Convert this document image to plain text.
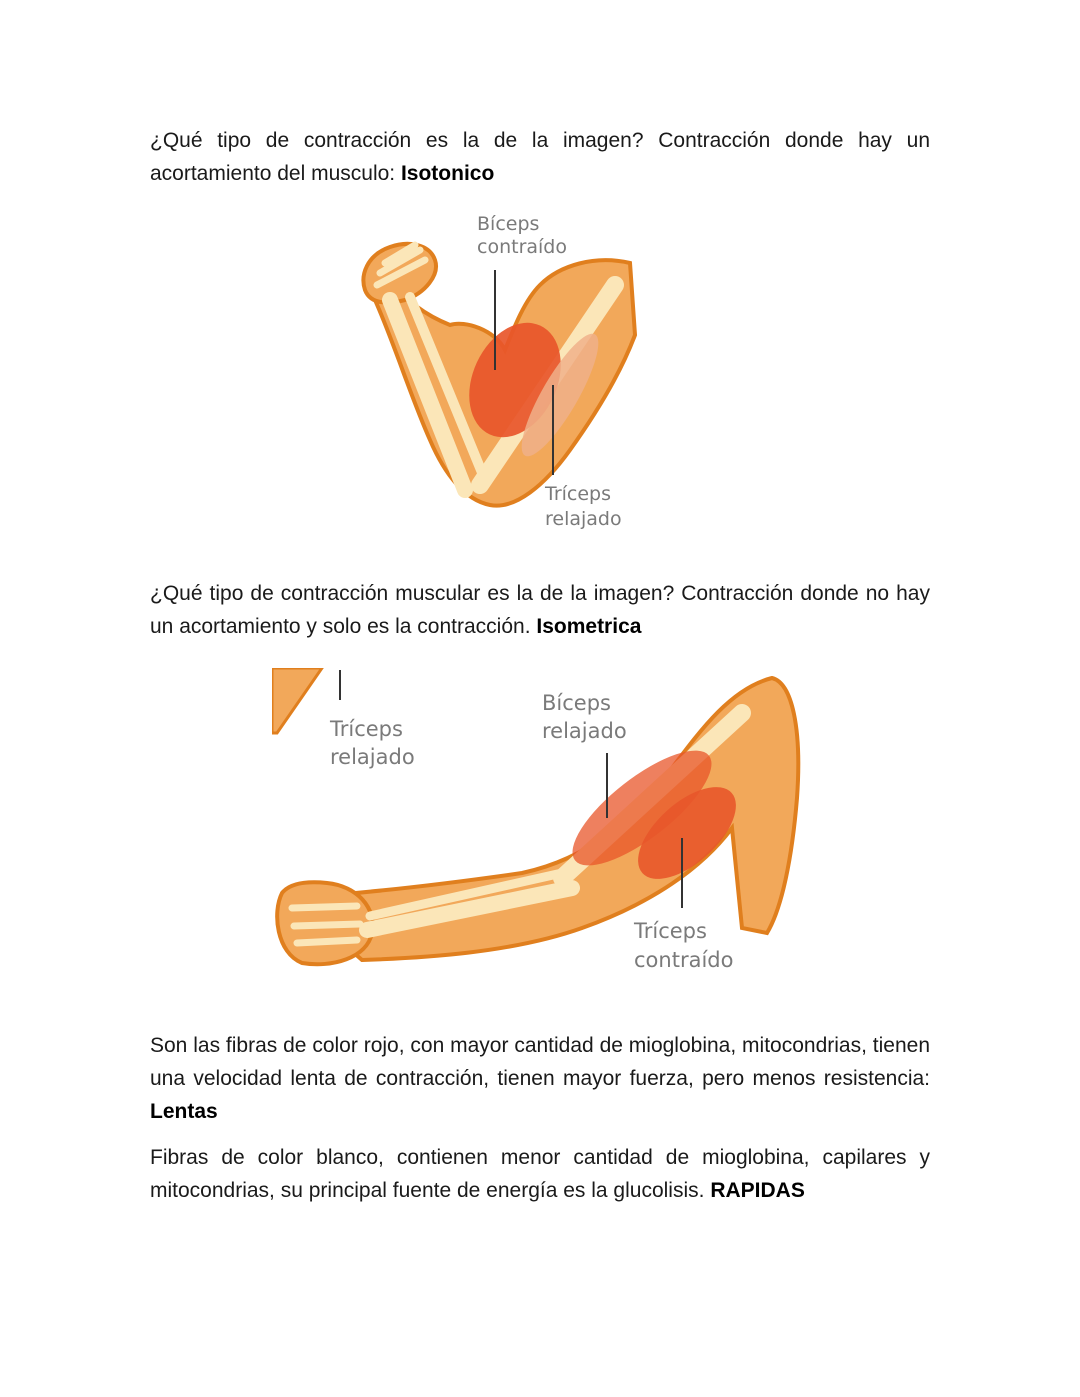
¿Qué tipo de contracción es la de la imagen? Contracción donde hay un acortamiento del musculo: Isotonico

Bíceps
contraído
Tríceps
relajado

¿Qué tipo de contracción muscular es la de la imagen? Contracción donde no hay un acortamiento y solo es la contracción. Isometrica

Tríceps
relajado
Bíceps
relajado
Tríceps
contraído

Son las fibras de color rojo, con mayor cantidad de mioglobina, mitocondrias, tienen una velocidad lenta de contracción, tienen mayor fuerza, pero menos resistencia: Lentas

Fibras de color blanco, contienen menor cantidad de mioglobina, capilares y mitocondrias, su principal fuente de energía es la glucolisis. RAPIDAS
